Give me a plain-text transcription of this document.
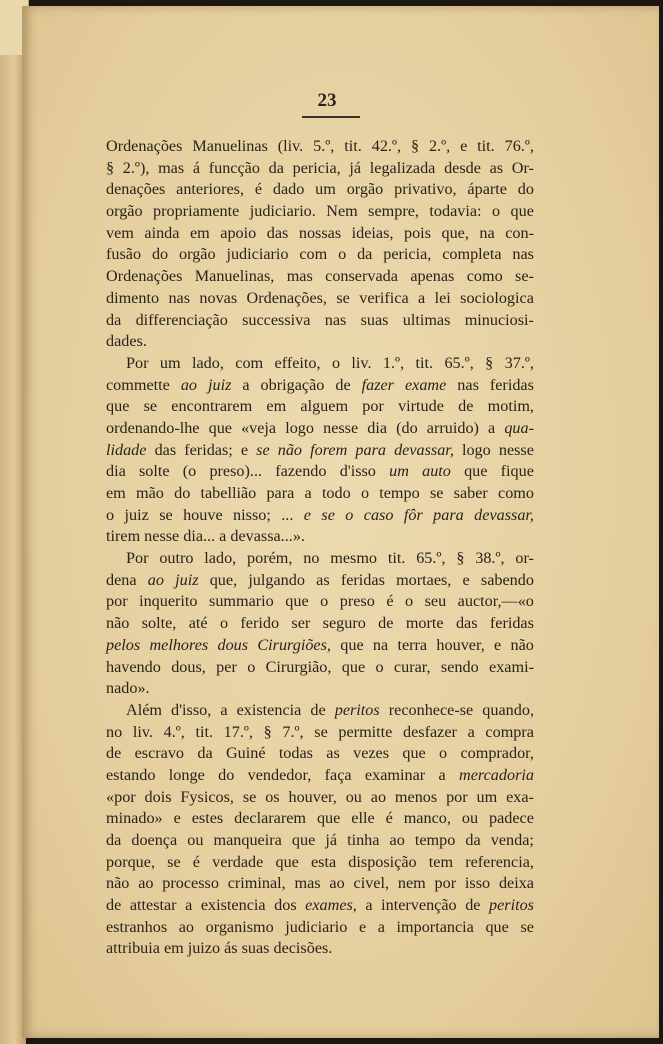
23
Ordenações Manuelinas (liv. 5.º, tit. 42.º, § 2.º, e tit. 76.º,
§ 2.º), mas á funcção da pericia, já legalizada desde as Or-
denações anteriores, é dado um orgão privativo, áparte do
orgão propriamente judiciario. Nem sempre, todavia: o que
vem ainda em apoio das nossas ideias, pois que, na con-
fusão do orgão judiciario com o da pericia, completa nas
Ordenações Manuelinas, mas conservada apenas como se-
dimento nas novas Ordenações, se verifica a lei sociologica
da differenciação successiva nas suas ultimas minuciosi-
dades.
Por um lado, com effeito, o liv. 1.º, tit. 65.º, § 37.º,
commette ao juiz a obrigação de fazer exame nas feridas
que se encontrarem em alguem por virtude de motim,
ordenando-lhe que «veja logo nesse dia (do arruido) a qua-
lidade das feridas; e se não forem para devassar, logo nesse
dia solte (o preso)... fazendo d'isso um auto que fique
em mão do tabellião para a todo o tempo se saber como
o juiz se houve nisso; ... e se o caso fôr para devassar,
tirem nesse dia... a devassa...».
Por outro lado, porém, no mesmo tit. 65.º, § 38.º, or-
dena ao juiz que, julgando as feridas mortaes, e sabendo
por inquerito summario que o preso é o seu auctor,—«o
não solte, até o ferido ser seguro de morte das feridas
pelos melhores dous Cirurgiões, que na terra houver, e não
havendo dous, per o Cirurgião, que o curar, sendo exami-
nado».
Além d'isso, a existencia de peritos reconhece-se quando,
no liv. 4.º, tit. 17.º, § 7.º, se permitte desfazer a compra
de escravo da Guiné todas as vezes que o comprador,
estando longe do vendedor, faça examinar a mercadoria
«por dois Fysicos, se os houver, ou ao menos por um exa-
minado» e estes declararem que elle é manco, ou padece
da doença ou manqueira que já tinha ao tempo da venda;
porque, se é verdade que esta disposição tem referencia,
não ao processo criminal, mas ao civel, nem por isso deixa
de attestar a existencia dos exames, a intervenção de peritos
estranhos ao organismo judiciario e a importancia que se
attribuia em juizo ás suas decisões.
